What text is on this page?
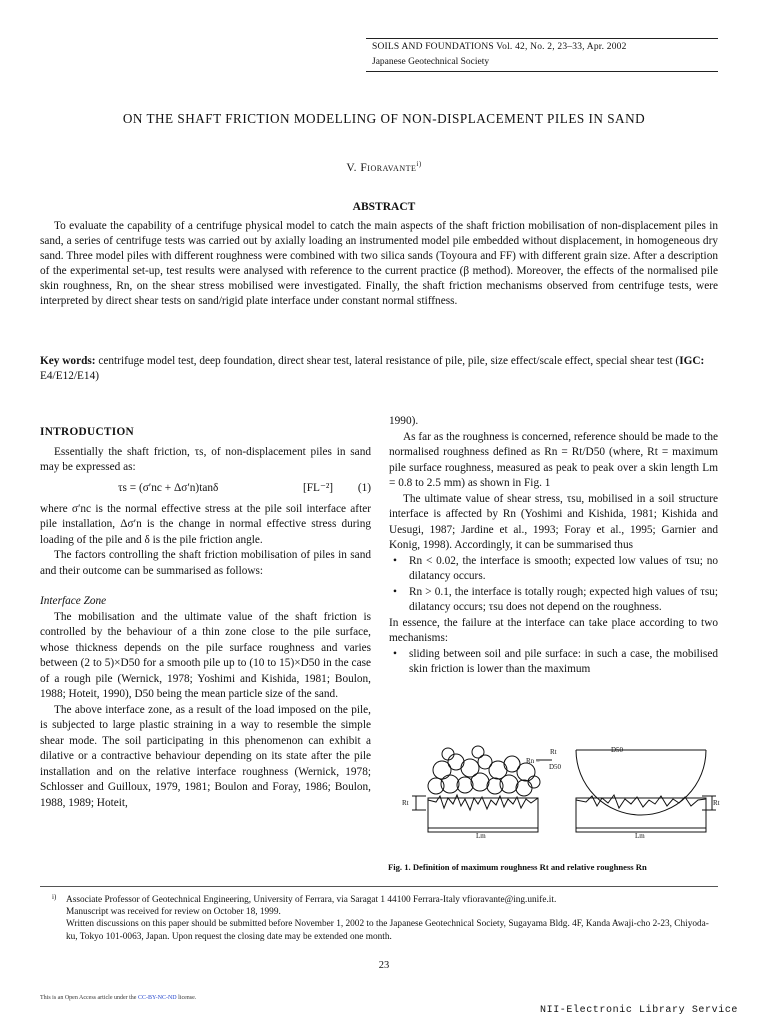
SOILS AND FOUNDATIONS Vol. 42, No. 2, 23–33, Apr. 2002
Japanese Geotechnical Society
ON THE SHAFT FRICTION MODELLING OF NON-DISPLACEMENT PILES IN SAND
V. Fioravante$^{i)}$
ABSTRACT

To evaluate the capability of a centrifuge physical model to catch the main aspects of the shaft friction mobilisation of non-displacement piles in sand, a series of centrifuge tests was carried out by axially loading an instrumented model pile embedded without displacement, in homogeneous dry sand. Three model piles with different roughness were combined with two silica sands (Toyoura and FF) with different grain size. After a description of the experimental set-up, test results were analysed with reference to the current practice (β method). Moreover, the effects of the normalised pile skin roughness, Rn, on the shear stress mobilised were investigated. Finally, the shaft friction mechanisms observed from centrifuge tests, were interpreted by direct shear tests on sand/rigid plate interface under constant normal stiffness.

Key words: centrifuge model test, deep foundation, direct shear test, lateral resistance of pile, pile, size effect/scale effect, special shear test (IGC: E4/E12/E14)

INTRODUCTION

Essentially the shaft friction, τs, of non-displacement piles in sand may be expressed as:

τs = (σ′nc + Δσ′n)tanδ	[FL⁻²] (1)

where σ′nc is the normal effective stress at the pile soil interface after pile installation, Δσ′n is the change in normal effective stress during loading of the pile and δ is the pile friction angle.

The factors controlling the shaft friction mobilisation of piles in sand and their outcome can be summarised as follows:

Interface Zone

The mobilisation and the ultimate value of the shaft friction is controlled by the behaviour of a thin zone close to the pile surface, whose thickness depends on the pile surface roughness and varies between (2 to 5)×D50 for a smooth pile up to (10 to 15)×D50 in the case of a rough pile (Wernick, 1978; Yoshimi and Kishida, 1981; Boulon, 1988; Hoteit, 1990), D50 being the mean particle size of the sand.

The above interface zone, as a result of the load imposed on the pile, is subjected to large plastic straining in a way to resemble the simple shear mode. The soil participating in this phenomenon can exhibit a dilative or a contractive behaviour depending on its state after the pile installation and on the relative interface roughness (Wernick, 1978; Schlosser and Guilloux, 1979, 1981; Boulon and Foray, 1986; Boulon, 1988, 1989; Hoteit,

1990).

As far as the roughness is concerned, reference should be made to the normalised roughness defined as Rn = Rt/D50 (where, Rt = maximum pile surface roughness, measured as peak to peak over a skin length Lm = 0.8 to 2.5 mm) as shown in Fig. 1

The ultimate value of shear stress, τsu, mobilised in a soil structure interface is affected by Rn (Yoshimi and Kishida, 1981; Kishida and Uesugi, 1987; Jardine et al., 1993; Foray et al., 1995; Garnier and Konig, 1998). Accordingly, it can be summarised thus

• Rn < 0.02, the interface is smooth; expected low values of τsu; no dilatancy occurs.
• Rn > 0.1, the interface is totally rough; expected high values of τsu; dilatancy occurs; τsu does not depend on the roughness.

In essence, the failure at the interface can take place according to two mechanisms:

• sliding between soil and pile surface: in such a case, the mobilised skin friction is lower than the maximum
Rn =
Rt
D50
D50
Rt	Rt
Lm	Lm
Fig. 1. Definition of maximum roughness Rt and relative roughness Rn
i) Associate Professor of Geotechnical Engineering, University of Ferrara, via Saragat 1 44100 Ferrara-Italy vfioravante@ing.unife.it.
Manuscript was received for review on October 18, 1999.
Written discussions on this paper should be submitted before November 1, 2002 to the Japanese Geotechnical Society, Sugayama Bldg. 4F, Kanda Awaji-cho 2-23, Chiyoda-ku, Tokyo 101-0063, Japan. Upon request the closing date may be extended one month.

23
This is an Open Access article under the CC-BY-NC-ND license.
NII-Electronic Library Service
